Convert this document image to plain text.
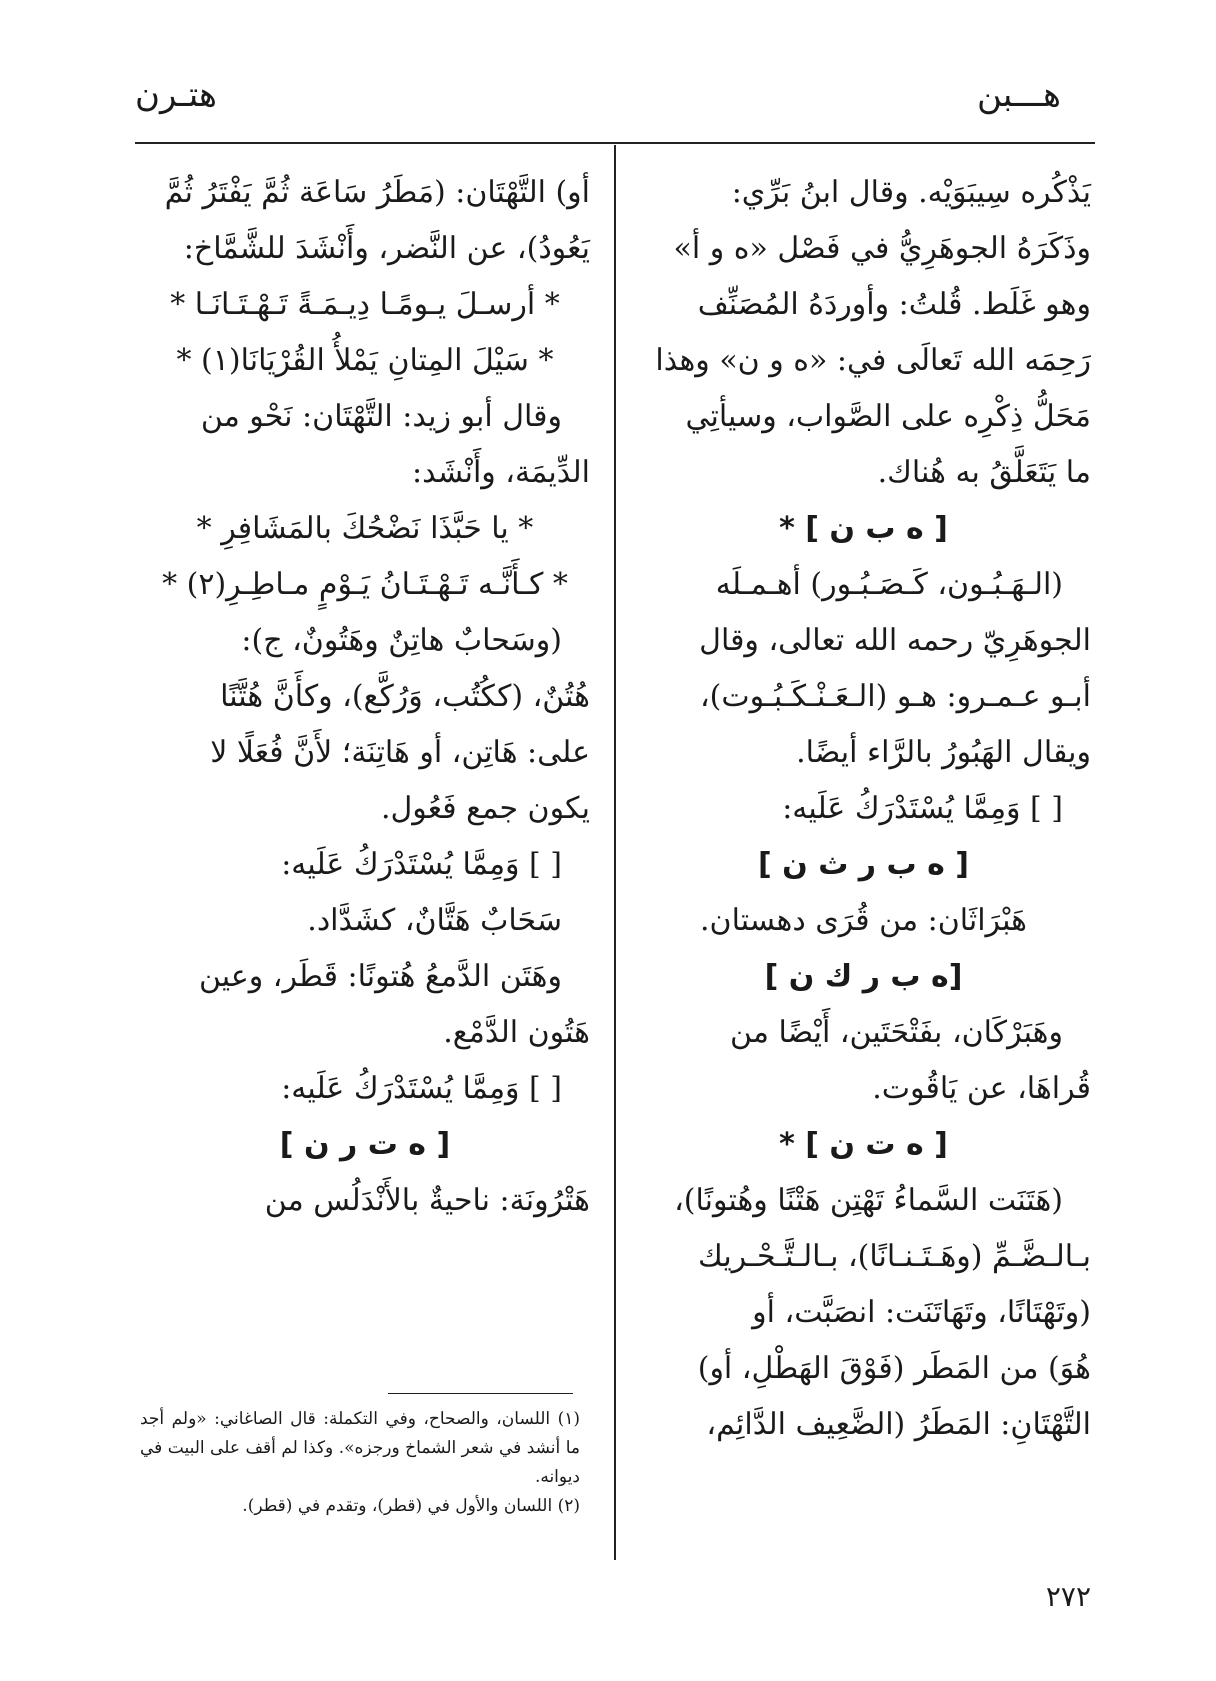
هـــبن
هتـرن

يَذْكُره سِيبَوَيْه. وقال ابنُ بَرِّي:

وذَكَرَهُ الجوهَرِيُّ في فَصْل «ه و أ»

وهو غَلَط. قُلتُ: وأوردَهُ المُصَنِّف

رَحِمَه الله تَعالَى في: «ه و ن» وهذا

مَحَلُّ ذِكْرِه على الصَّواب، وسيأتِي

ما يَتَعَلَّقُ به هُناك.

[ ه ب ن ] *

(الـهَـبُـون، كَـصَـبُـور) أهـمـلَه

الجوهَرِيّ رحمه الله تعالى، وقال

أبـو عـمـرو: هـو (الـعَـنْـكَـبُـوت)،

ويقال الهَبُورُ بالرَّاء أيضًا.

[ ] وَمِمَّا يُسْتَدْرَكُ عَلَيه:

[ ه ب ر ث ن ]

هَبْرَاثَان: من قُرَى دهستان.

[ه ب ر ك ن ]

وهَبَرْكَان، بفَتْحَتَين، أَيْضًا من

قُراهَا، عن يَاقُوت.

[ ه ت ن ] *

(هَتَنَت السَّماءُ تَهْتِن هَتْنًا وهُتونًا)،

بـالـضَّـمِّ (وهَـتَـنـانًا)، بـالـتَّـحْـريك

(وتَهْتَانًا، وتَهَاتَنَت: انصَبَّت، أو

هُوَ) من المَطَر (فَوْقَ الهَطْلِ، أو)

التَّهْتَانِ: المَطَرُ (الضَّعِيف الدَّائِم،

أو) التَّهْتَان: (مَطَرُ سَاعَة ثُمَّ يَفْتَرُ ثُمَّ

يَعُودُ)، عن النَّضر، وأَنْشَدَ للشَّمَّاخ:

* أرسـلَ يـومًـا دِيـمَـةً تَـهْـتَـانَـا *

* سَيْلَ المِتانِ يَمْلأُ القُرْيَانَا(١) *

وقال أبو زيد: التَّهْتَان: نَحْو من

الدِّيمَة، وأَنْشَد:

* يا حَبَّذَا نَضْحُكَ بالمَشَافِرِ *

* كـأَنَّـه تَـهْـتَـانُ يَـوْمٍ مـاطِـرِ(٢) *

(وسَحابٌ هاتِنٌ وهَتُونٌ، ج):

هُتُنٌ، (ككُتُب، وَرُكَّع)، وكأَنَّ هُتَّنًا

على: هَاتِن، أو هَاتِنَة؛ لأَنَّ فُعَلًا لا

يكون جمع فَعُول.

[ ] وَمِمَّا يُسْتَدْرَكُ عَلَيه:

سَحَابٌ هَتَّانٌ، كشَدَّاد.

وهَتَن الدَّمعُ هُتونًا: قَطَر، وعين

هَتُون الدَّمْع.

[ ] وَمِمَّا يُسْتَدْرَكُ عَلَيه:

[ ه ت ر ن ]

هَتْرُونَة: ناحيةٌ بالأَنْدَلُس من

(١) اللسان، والصحاح، وفي التكملة: قال الصاغاني: «ولم أجد ما أنشد في شعر الشماخ ورجزه». وكذا لم أقف على البيت في ديوانه.

(٢) اللسان والأول في (قطر)، وتقدم في (قطر).

٢٧٢
